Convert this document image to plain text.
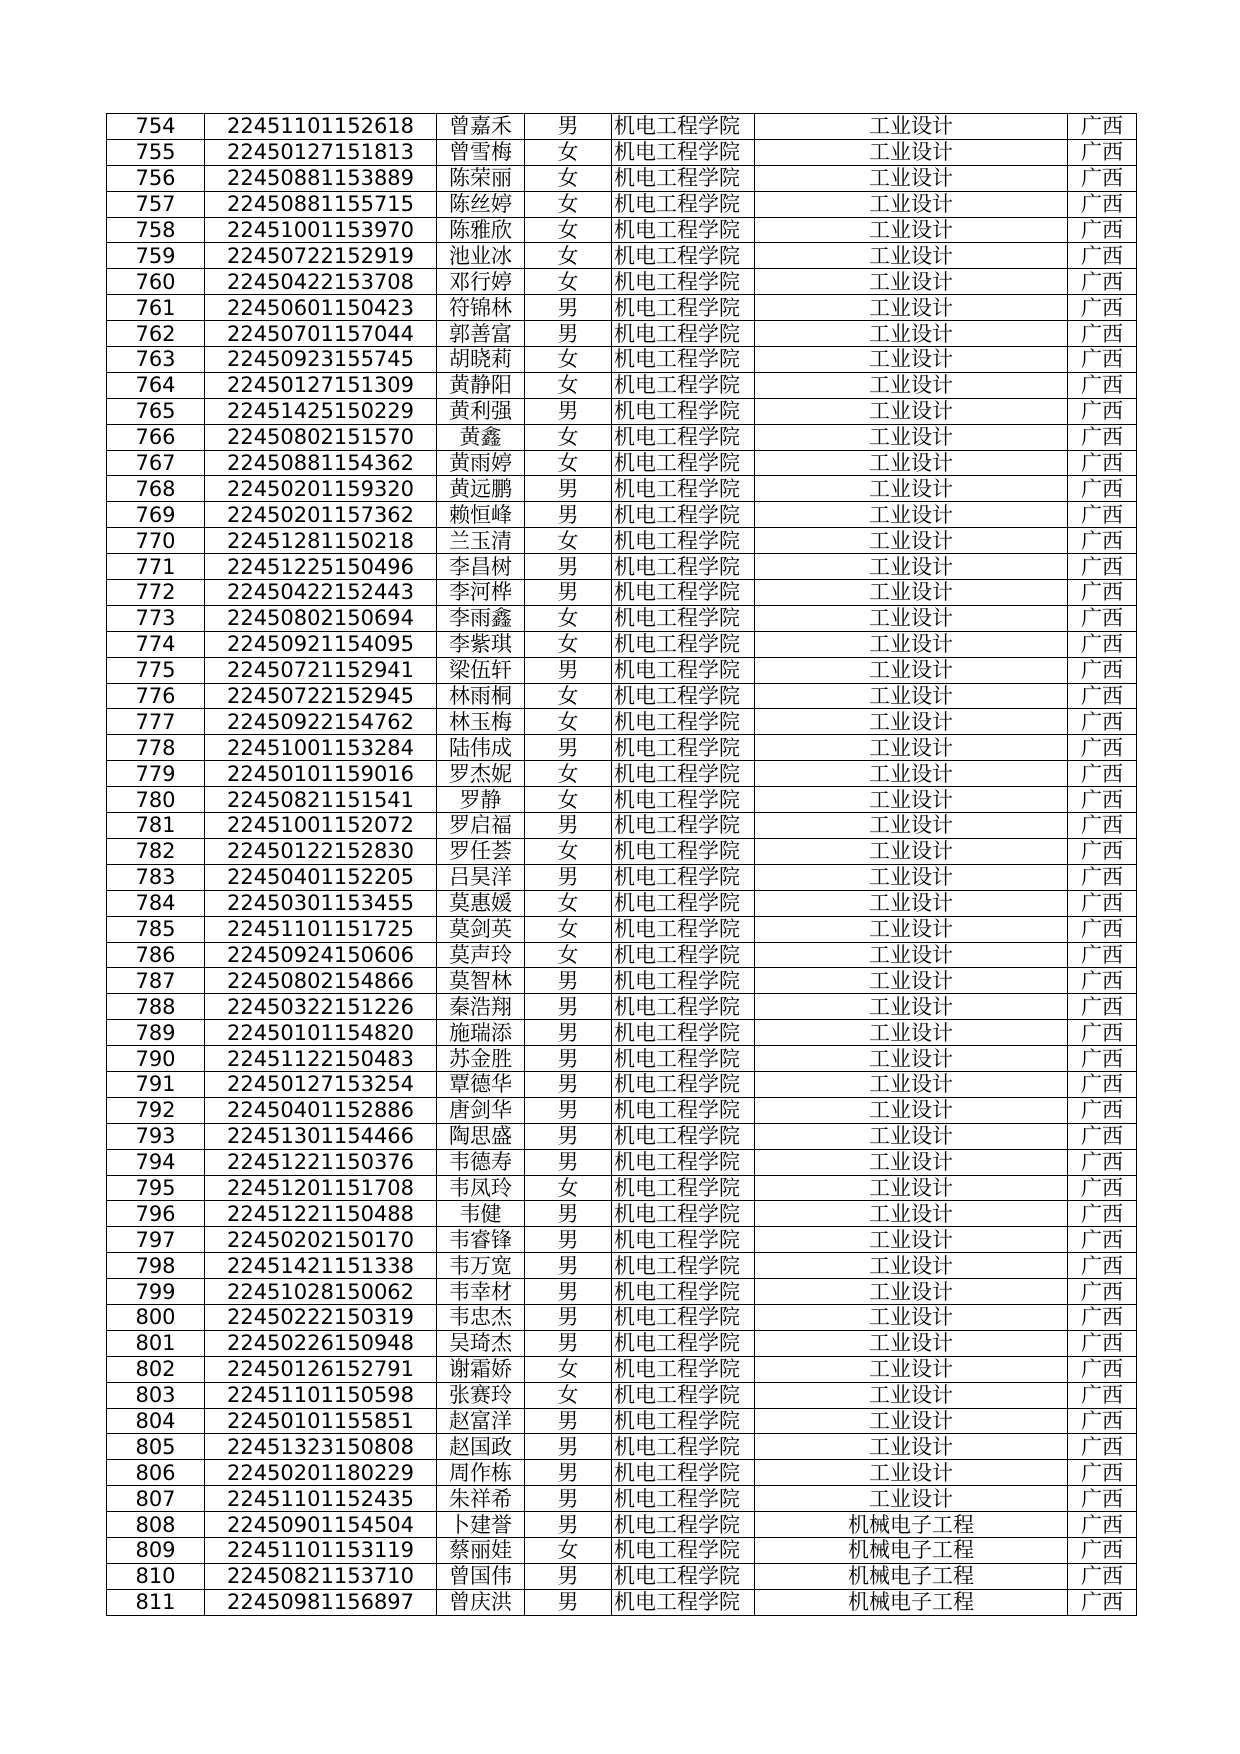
754	22451101152618	曾嘉禾	男	机电工程学院	工业设计	广西
755	22450127151813	曾雪梅	女	机电工程学院	工业设计	广西
756	22450881153889	陈荣丽	女	机电工程学院	工业设计	广西
757	22450881155715	陈丝婷	女	机电工程学院	工业设计	广西
758	22451001153970	陈雅欣	女	机电工程学院	工业设计	广西
759	22450722152919	池业冰	女	机电工程学院	工业设计	广西
760	22450422153708	邓行婷	女	机电工程学院	工业设计	广西
761	22450601150423	符锦林	男	机电工程学院	工业设计	广西
762	22450701157044	郭善富	男	机电工程学院	工业设计	广西
763	22450923155745	胡晓莉	女	机电工程学院	工业设计	广西
764	22450127151309	黄静阳	女	机电工程学院	工业设计	广西
765	22451425150229	黄利强	男	机电工程学院	工业设计	广西
766	22450802151570	黄鑫	女	机电工程学院	工业设计	广西
767	22450881154362	黄雨婷	女	机电工程学院	工业设计	广西
768	22450201159320	黄远鹏	男	机电工程学院	工业设计	广西
769	22450201157362	赖恒峰	男	机电工程学院	工业设计	广西
770	22451281150218	兰玉清	女	机电工程学院	工业设计	广西
771	22451225150496	李昌树	男	机电工程学院	工业设计	广西
772	22450422152443	李河桦	男	机电工程学院	工业设计	广西
773	22450802150694	李雨鑫	女	机电工程学院	工业设计	广西
774	22450921154095	李紫琪	女	机电工程学院	工业设计	广西
775	22450721152941	梁伍轩	男	机电工程学院	工业设计	广西
776	22450722152945	林雨桐	女	机电工程学院	工业设计	广西
777	22450922154762	林玉梅	女	机电工程学院	工业设计	广西
778	22451001153284	陆伟成	男	机电工程学院	工业设计	广西
779	22450101159016	罗杰妮	女	机电工程学院	工业设计	广西
780	22450821151541	罗静	女	机电工程学院	工业设计	广西
781	22451001152072	罗启福	男	机电工程学院	工业设计	广西
782	22450122152830	罗任荟	女	机电工程学院	工业设计	广西
783	22450401152205	吕昊洋	男	机电工程学院	工业设计	广西
784	22450301153455	莫惠媛	女	机电工程学院	工业设计	广西
785	22451101151725	莫剑英	女	机电工程学院	工业设计	广西
786	22450924150606	莫声玲	女	机电工程学院	工业设计	广西
787	22450802154866	莫智林	男	机电工程学院	工业设计	广西
788	22450322151226	秦浩翔	男	机电工程学院	工业设计	广西
789	22450101154820	施瑞添	男	机电工程学院	工业设计	广西
790	22451122150483	苏金胜	男	机电工程学院	工业设计	广西
791	22450127153254	覃德华	男	机电工程学院	工业设计	广西
792	22450401152886	唐剑华	男	机电工程学院	工业设计	广西
793	22451301154466	陶思盛	男	机电工程学院	工业设计	广西
794	22451221150376	韦德寿	男	机电工程学院	工业设计	广西
795	22451201151708	韦凤玲	女	机电工程学院	工业设计	广西
796	22451221150488	韦健	男	机电工程学院	工业设计	广西
797	22450202150170	韦睿锋	男	机电工程学院	工业设计	广西
798	22451421151338	韦万宽	男	机电工程学院	工业设计	广西
799	22451028150062	韦幸材	男	机电工程学院	工业设计	广西
800	22450222150319	韦忠杰	男	机电工程学院	工业设计	广西
801	22450226150948	吴琦杰	男	机电工程学院	工业设计	广西
802	22450126152791	谢霜娇	女	机电工程学院	工业设计	广西
803	22451101150598	张赛玲	女	机电工程学院	工业设计	广西
804	22450101155851	赵富洋	男	机电工程学院	工业设计	广西
805	22451323150808	赵国政	男	机电工程学院	工业设计	广西
806	22450201180229	周作栋	男	机电工程学院	工业设计	广西
807	22451101152435	朱祥希	男	机电工程学院	工业设计	广西
808	22450901154504	卜建誉	男	机电工程学院	机械电子工程	广西
809	22451101153119	蔡丽娃	女	机电工程学院	机械电子工程	广西
810	22450821153710	曾国伟	男	机电工程学院	机械电子工程	广西
811	22450981156897	曾庆洪	男	机电工程学院	机械电子工程	广西
